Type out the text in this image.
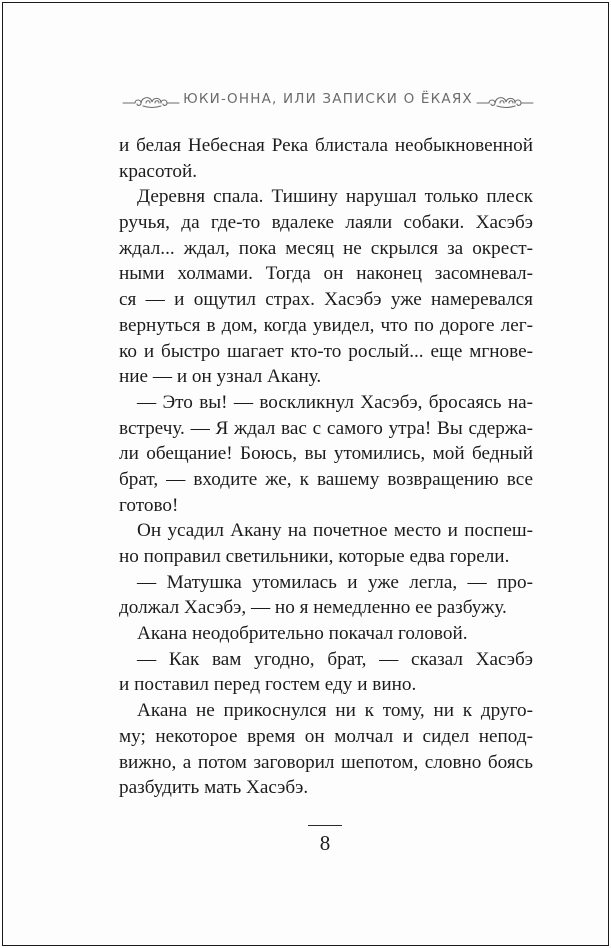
ЮКИ-ОННА, ИЛИ ЗАПИСКИ О ЁКАЯХ
и белая Небесная Река блистала необыкновенной
красотой.
Деревня спала. Тишину нарушал только плеск
ручья, да где-то вдалеке лаяли собаки. Хасэбэ
ждал... ждал, пока месяц не скрылся за окрест-
ными холмами. Тогда он наконец засомневал-
ся — и ощутил страх. Хасэбэ уже намеревался
вернуться в дом, когда увидел, что по дороге лег-
ко и быстро шагает кто-то рослый... еще мгнове-
ние — и он узнал Акану.
— Это вы! — воскликнул Хасэбэ, бросаясь на-
встречу. — Я ждал вас с самого утра! Вы сдержа-
ли обещание! Боюсь, вы утомились, мой бедный
брат, — входите же, к вашему возвращению все
готово!
Он усадил Акану на почетное место и поспеш-
но поправил светильники, которые едва горели.
— Матушка утомилась и уже легла, — про-
должал Хасэбэ, — но я немедленно ее разбужу.
Акана неодобрительно покачал головой.
— Как вам угодно, брат, — сказал Хасэбэ
и поставил перед гостем еду и вино.
Акана не прикоснулся ни к тому, ни к друго-
му; некоторое время он молчал и сидел непод-
вижно, а потом заговорил шепотом, словно боясь
разбудить мать Хасэбэ.
8
